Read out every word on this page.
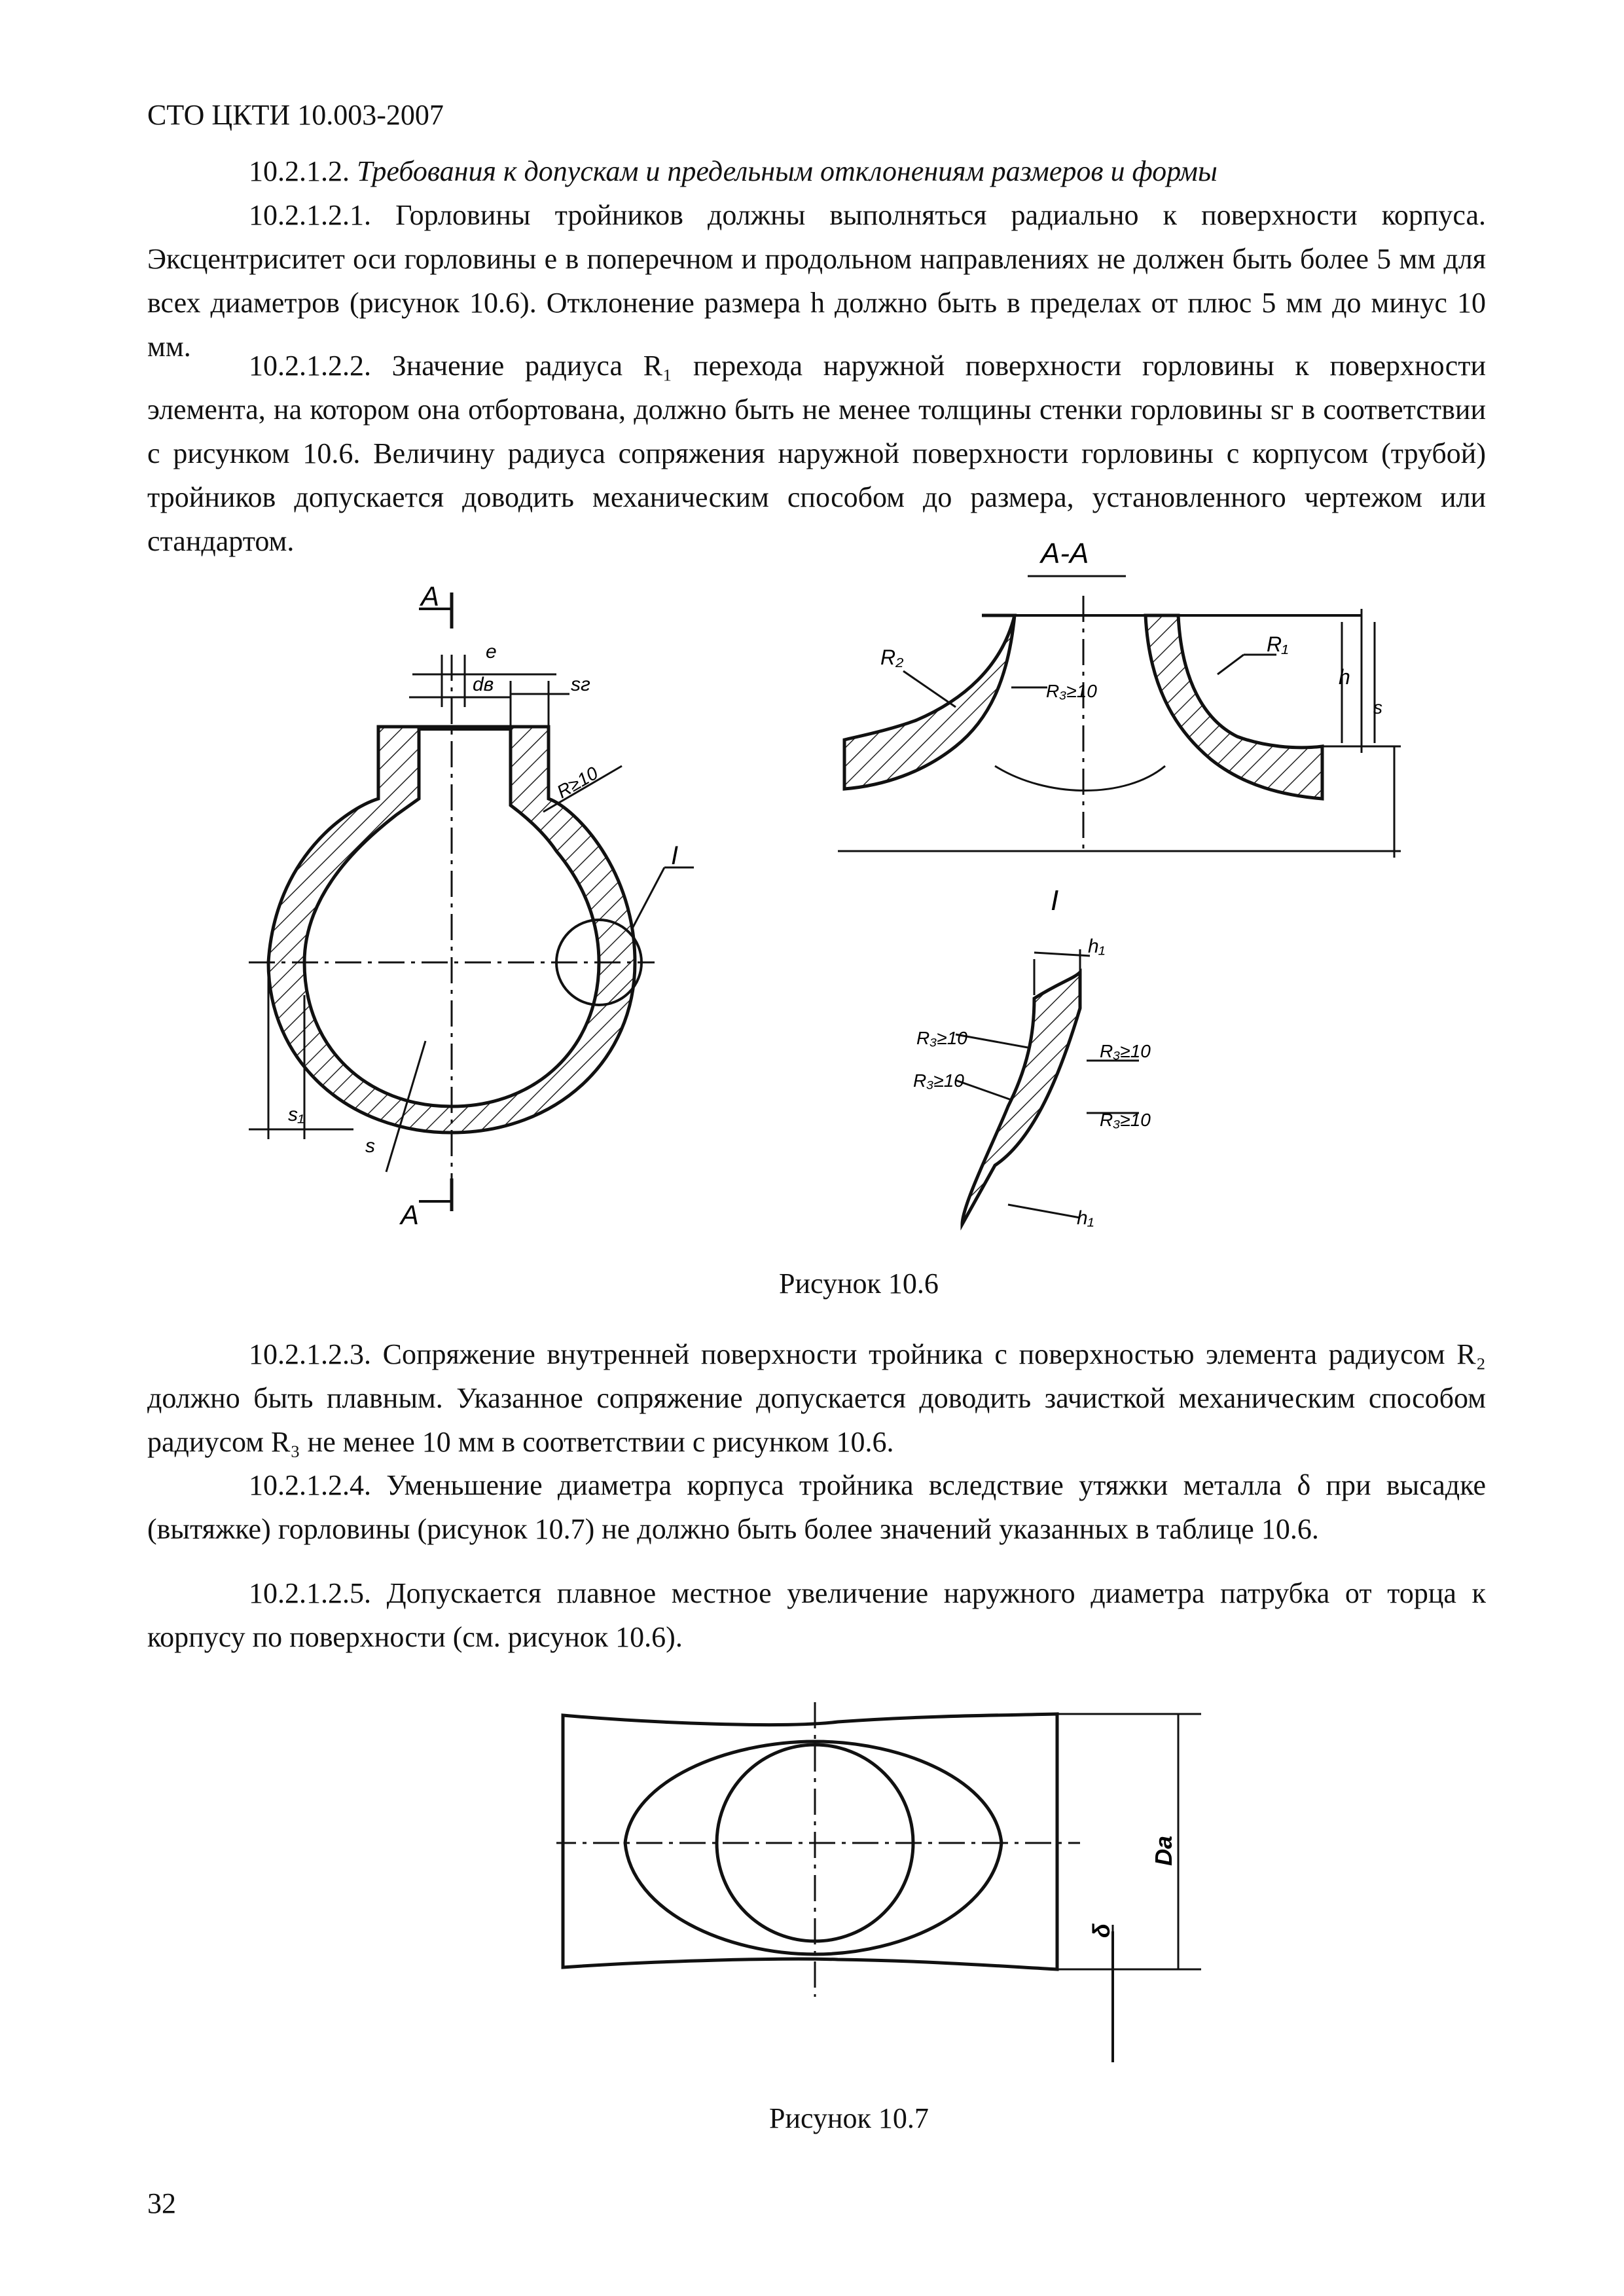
СТО ЦКТИ 10.003-2007

10.2.1.2. Требования к допускам и предельным отклонениям размеров и формы

10.2.1.2.1. Горловины тройников должны выполняться радиально к поверхности корпуса. Эксцентриситет оси горловины e в поперечном и продольном направлениях не должен быть более 5 мм для всех диаметров (рисунок 10.6). Отклонение размера h должно быть в пределах от плюс 5 мм до минус 10 мм.

10.2.1.2.2. Значение радиуса R₁ перехода наружной поверхности горловины к поверхности элемента, на котором она отбортована, должно быть не менее толщины стенки горловины sг в соответствии с рисунком 10.6. Величину радиуса сопряжения наружной поверхности горловины с корпусом (трубой) тройников допускается доводить механическим способом до размера, установленного чертежом или стандартом.

А
А
e
dв	sг
R≥10
I
s₁
s
А-А
R₂
R₃≥10
R₁
h
s
I
h₁
R₃≥10
R₃≥10
R₃≥10
R₃≥10
h₁
Рисунок 10.6

10.2.1.2.3. Сопряжение внутренней поверхности тройника с поверхностью элемента радиусом R₂ должно быть плавным. Указанное сопряжение допускается доводить зачисткой механическим способом радиусом R₃ не менее 10 мм в соответствии с рисунком 10.6.

10.2.1.2.4. Уменьшение диаметра корпуса тройника вследствие утяжки металла δ при высадке (вытяжке) горловины (рисунок 10.7) не должно быть более значений указанных в таблице 10.6.

10.2.1.2.5. Допускается плавное местное увеличение наружного диаметра патрубка от торца к корпусу по поверхности (см. рисунок 10.6).

Dа
δ
Рисунок 10.7
32
